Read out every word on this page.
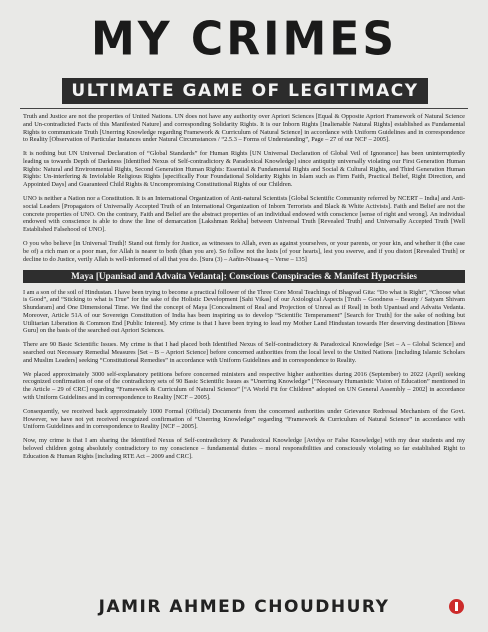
MY CRIMES
ULTIMATE GAME OF LEGITIMACY

Truth and Justice are not the properties of United Nations. UN does not have any authority over Apriori Sciences [Equal & Opposite Apriori Framework of Natural Science and Un-contradicted Facts of this Manifested Nature] and corresponding Solidarity Rights. It is our Inborn Rights [Inalienable Natural Rights] established as Fundamental Rights to communicate Truth [Unerring Knowledge regarding Framework & Curriculum of Natural Science] in accordance with Uniform Guidelines and in correspondence to Reality [Observation of Particular Instances under Natural Circumstances / “2.5.3 – Forms of Understanding”, Page – 27 of our NCF – 2005].

It is nothing but UN Universal Declaration of “Global Standards” for Human Rights [UN Universal Declaration of Global Veil of Ignorance] has been uninterruptedly leading us towards Depth of Darkness [Identified Nexus of Self-contradictory & Paradoxical Knowledge] since antiquity universally violating our First Generation Human Rights: Natural and Environmental Rights, Second Generation Human Rights: Essential & Fundamental Rights and Social & Cultural Rights, and Third Generation Human Rights: Un-interfering & Inviolable Religious Rights [specifically Four Foundational Solidarity Rights in Islam such as Firm Faith, Practical Belief, Right Direction, and Appointed Days] and Guaranteed Child Rights & Uncompromising Constitutional Rights of our Children.

UNO is neither a Nation nor a Constitution. It is an International Organization of Anti-natural Scientists [Global Scientific Community referred by NCERT – India] and Anti-social Leaders [Propagators of Universally Accepted Truth of an International Organization of Inborn Terrorists and Black & White Activists]. Faith and Belief are not the concrete properties of UNO. On the contrary, Faith and Belief are the abstract properties of an individual endowed with conscience [sense of right and wrong]. An individual endowed with conscience is able to draw the line of demarcation [Lakshman Rekha] between Universal Truth [Revealed Truth] and Universally Accepted Truth [Well Established Falsehood of UNO].

O you who believe [in Universal Truth]! Stand out firmly for Justice, as witnesses to Allah, even as against yourselves, or your parents, or your kin, and whether it (the case be of) a rich man or a poor man, for Allah is nearer to both (than you are). So follow not the lusts [of your hearts], lest you swerve, and if you distort [Revealed Truth] or decline to do Justice, verily Allah is well-informed of all that you do. [Sura (3) – Aañin-Nisaaa-q – Verse – 135]

Maya [Upanisad and Advaita Vedanta]: Conscious Conspiracies & Manifest Hypocrisies

I am a son of the soil of Hindustan. I have been trying to become a practical follower of the Three Core Moral Teachings of Bhagvad Gita: “Do what is Right”, “Choose what is Good”, and “Sticking to what is True” for the sake of the Holistic Development [Sahi Vikas] of our Axiological Aspects [Truth – Goodness – Beauty / Satyam Shivam Shundaram] and One Dimensional Time. We find the concept of Maya [Concealment of Real and Projection of Unreal as if Real] in both Upanisad and Advaita Vedanta. Moreover, Article 51A of our Sovereign Constitution of India has been inspiring us to develop “Scientific Temperament” [Search for Truth] for the sake of nothing but Utilitarian Liberation & Common End [Public Interest]. My crime is that I have been trying to lead my Mother Land Hindustan towards Her deserving destination [Biswa Guru] on the basis of the searched out Apriori Sciences.

There are 90 Basic Scientific Issues. My crime is that I had placed both Identified Nexus of Self-contradictory & Paradoxical Knowledge [Set – A – Global Science] and searched out Necessary Remedial Measures [Set – B – Apriori Science] before concerned authorities from the local level to the United Nations [including Islamic Scholars and Muslim Leaders] seeking “Constitutional Remedies” in accordance with Uniform Guidelines and in correspondence to Reality.

We placed approximately 3000 self-explanatory petitions before concerned ministers and respective higher authorities during 2016 (September) to 2022 (April) seeking recognized confirmation of one of the contradictory sets of 90 Basic Scientific Issues as “Unerring Knowledge” [“Necessary Humanistic Vision of Education” mentioned in the Article – 29 of CRC] regarding “Framework & Curriculum of Natural Science” [“A World Fit for Children” adopted on UN General Assembly – 2002] in accordance with Uniform Guidelines and in correspondence to Reality [NCF – 2005].

Consequently, we received back approximately 1000 Formal (Official) Documents from the concerned authorities under Grievance Redressal Mechanism of the Govt. However, we have not yet received recognized confirmation of “Unerring Knowledge” regarding “Framework & Curriculum of Natural Science” in accordance with Uniform Guidelines and in correspondence to Reality [NCF – 2005].

Now, my crime is that I am sharing the Identified Nexus of Self-contradictory & Paradoxical Knowledge [Avidya or False Knowledge] with my dear students and my beloved children going absolutely contradictory to my conscience – fundamental duties – moral responsibilities and consciously violating so far established Right to Education & Human Rights [including RTE Act – 2009 and CRC].

JAMIR AHMED CHOUDHURY
